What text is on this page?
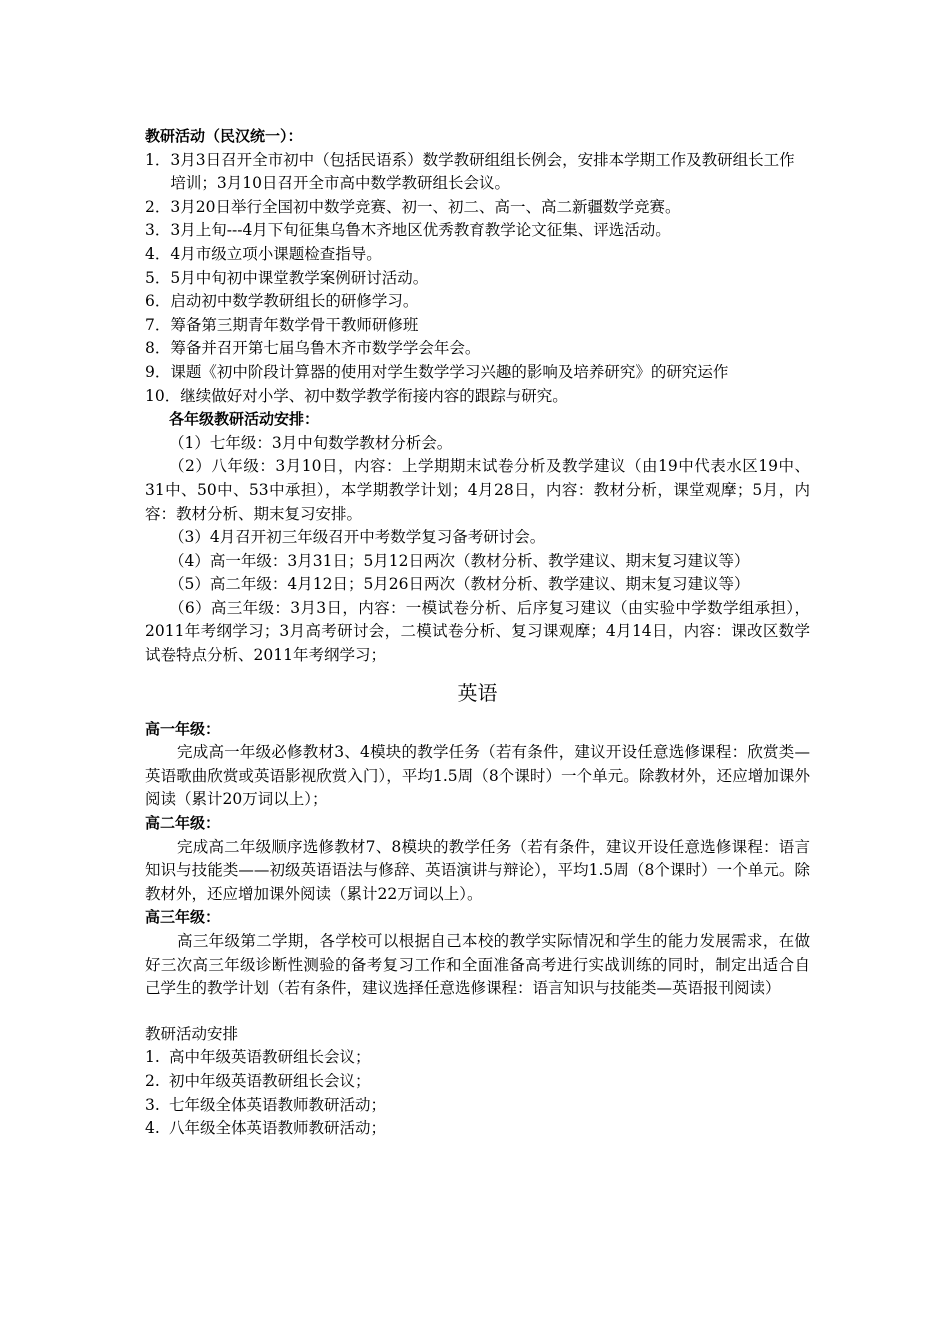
教研活动（民汉统一）：
1． 3月3日召开全市初中（包括民语系）数学教研组组长例会，安排本学期工作及教研组长工作培训；3月10日召开全市高中数学教研组长会议。
2． 3月20日举行全国初中数学竞赛、初一、初二、高一、高二新疆数学竞赛。
3． 3月上旬---4月下旬征集乌鲁木齐地区优秀教育教学论文征集、评选活动。
4． 4月市级立项小课题检查指导。
5． 5月中旬初中课堂教学案例研讨活动。
6． 启动初中数学教研组长的研修学习。
7． 筹备第三期青年数学骨干教师研修班
8． 筹备并召开第七届乌鲁木齐市数学学会年会。
9． 课题《初中阶段计算器的使用对学生数学学习兴趣的影响及培养研究》的研究运作
10． 继续做好对小学、初中数学教学衔接内容的跟踪与研究。
各年级教研活动安排：
（1）七年级：3月中旬数学教材分析会。
（2）八年级：3月10日，内容：上学期期末试卷分析及教学建议（由19中代表水区19中、31中、50中、53中承担），本学期教学计划；4月28日，内容：教材分析，课堂观摩；5月，内容：教材分析、期末复习安排。
（3）4月召开初三年级召开中考数学复习备考研讨会。
（4）高一年级：3月31日；5月12日两次（教材分析、教学建议、期末复习建议等）
（5）高二年级：4月12日；5月26日两次（教材分析、教学建议、期末复习建议等）
（6）高三年级：3月3日，内容：一模试卷分析、后序复习建议（由实验中学数学组承担），2011年考纲学习；3月高考研讨会，二模试卷分析、复习课观摩；4月14日，内容：课改区数学试卷特点分析、2011年考纲学习；
英语
高一年级：
完成高一年级必修教材3、4模块的教学任务（若有条件，建议开设任意选修课程：欣赏类—英语歌曲欣赏或英语影视欣赏入门），平均1.5周（8个课时）一个单元。除教材外，还应增加课外阅读（累计20万词以上）；
高二年级：
完成高二年级顺序选修教材7、8模块的教学任务（若有条件，建议开设任意选修课程：语言知识与技能类——初级英语语法与修辞、英语演讲与辩论），平均1.5周（8个课时）一个单元。除教材外，还应增加课外阅读（累计22万词以上）。
高三年级：
高三年级第二学期，各学校可以根据自己本校的教学实际情况和学生的能力发展需求，在做好三次高三年级诊断性测验的备考复习工作和全面准备高考进行实战训练的同时，制定出适合自己学生的教学计划（若有条件，建议选择任意选修课程：语言知识与技能类—英语报刊阅读）
教研活动安排
1. 高中年级英语教研组长会议；
2. 初中年级英语教研组长会议；
3. 七年级全体英语教师教研活动；
4. 八年级全体英语教师教研活动；
